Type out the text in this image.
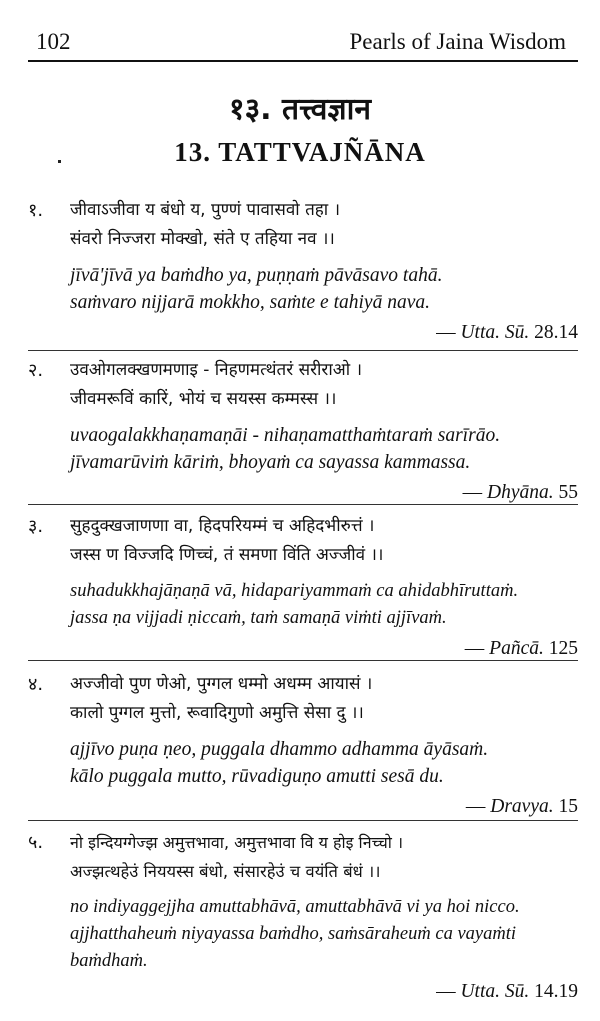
102	Pearls of Jaina Wisdom
१३. तत्त्वज्ञान
13. TATTVAJÑĀNA
१. जीवाऽजीवा य बंधो य, पुण्णं पावासवो तहा ।
संवरो निज्जरा मोक्खो, संते ए तहिया नव ।।
jīvā'jīvā ya baṁdho ya, puṇṇaṁ pāvāsavo tahā.
saṁvaro nijjarā mokkho, saṁte e tahiyā nava.
— Utta. Sū. 28.14
२. उवओगलक्खणमणाइ - निहणमत्थंतरं सरीराओ ।
जीवमरूविं कारिं, भोयं च सयस्स कम्मस्स ।।
uvaogalakkhaṇamaṇāi - nihaṇamatthaṁtaraṁ sarīrāo.
jīvamarūviṁ kāriṁ, bhoyaṁ ca sayassa kammassa.
— Dhyāna. 55
३. सुहदुक्खजाणणा वा, हिदपरियम्मं च अहिदभीरुत्तं ।
जस्स ण विज्जदि णिच्चं, तं समणा विंति अज्जीवं ।।
suhadukkhajāṇaṇā vā, hidapariyammaṁ ca ahidabhīruttaṁ.
jassa ṇa vijjadi ṇiccaṁ, taṁ samaṇā viṁti ajjīvaṁ.
— Pañcā. 125
४. अज्जीवो पुण णेओ, पुग्गल धम्मो अधम्म आयासं ।
कालो पुग्गल मुत्तो, रूवादिगुणो अमुत्ति सेसा दु ।।
ajjīvo puṇa ṇeo, puggala dhammo adhamma āyāsaṁ.
kālo puggala mutto, rūvadiguṇo amutti sesā du.
— Dravya. 15
५. नो इन्दियग्गेज्झ अमुत्तभावा, अमुत्तभावा वि य होइ निच्चो ।
अज्झत्थहेउं निययस्स बंधो, संसारहेउं च वयंति बंधं ।।
no indiyaggejjha amuttabhāvā, amuttabhāvā vi ya hoi nicco.
ajjhatthaheuṁ niyayassa baṁdho, saṁsāraheuṁ ca vayaṁti baṁdhaṁ.
— Utta. Sū. 14.19
